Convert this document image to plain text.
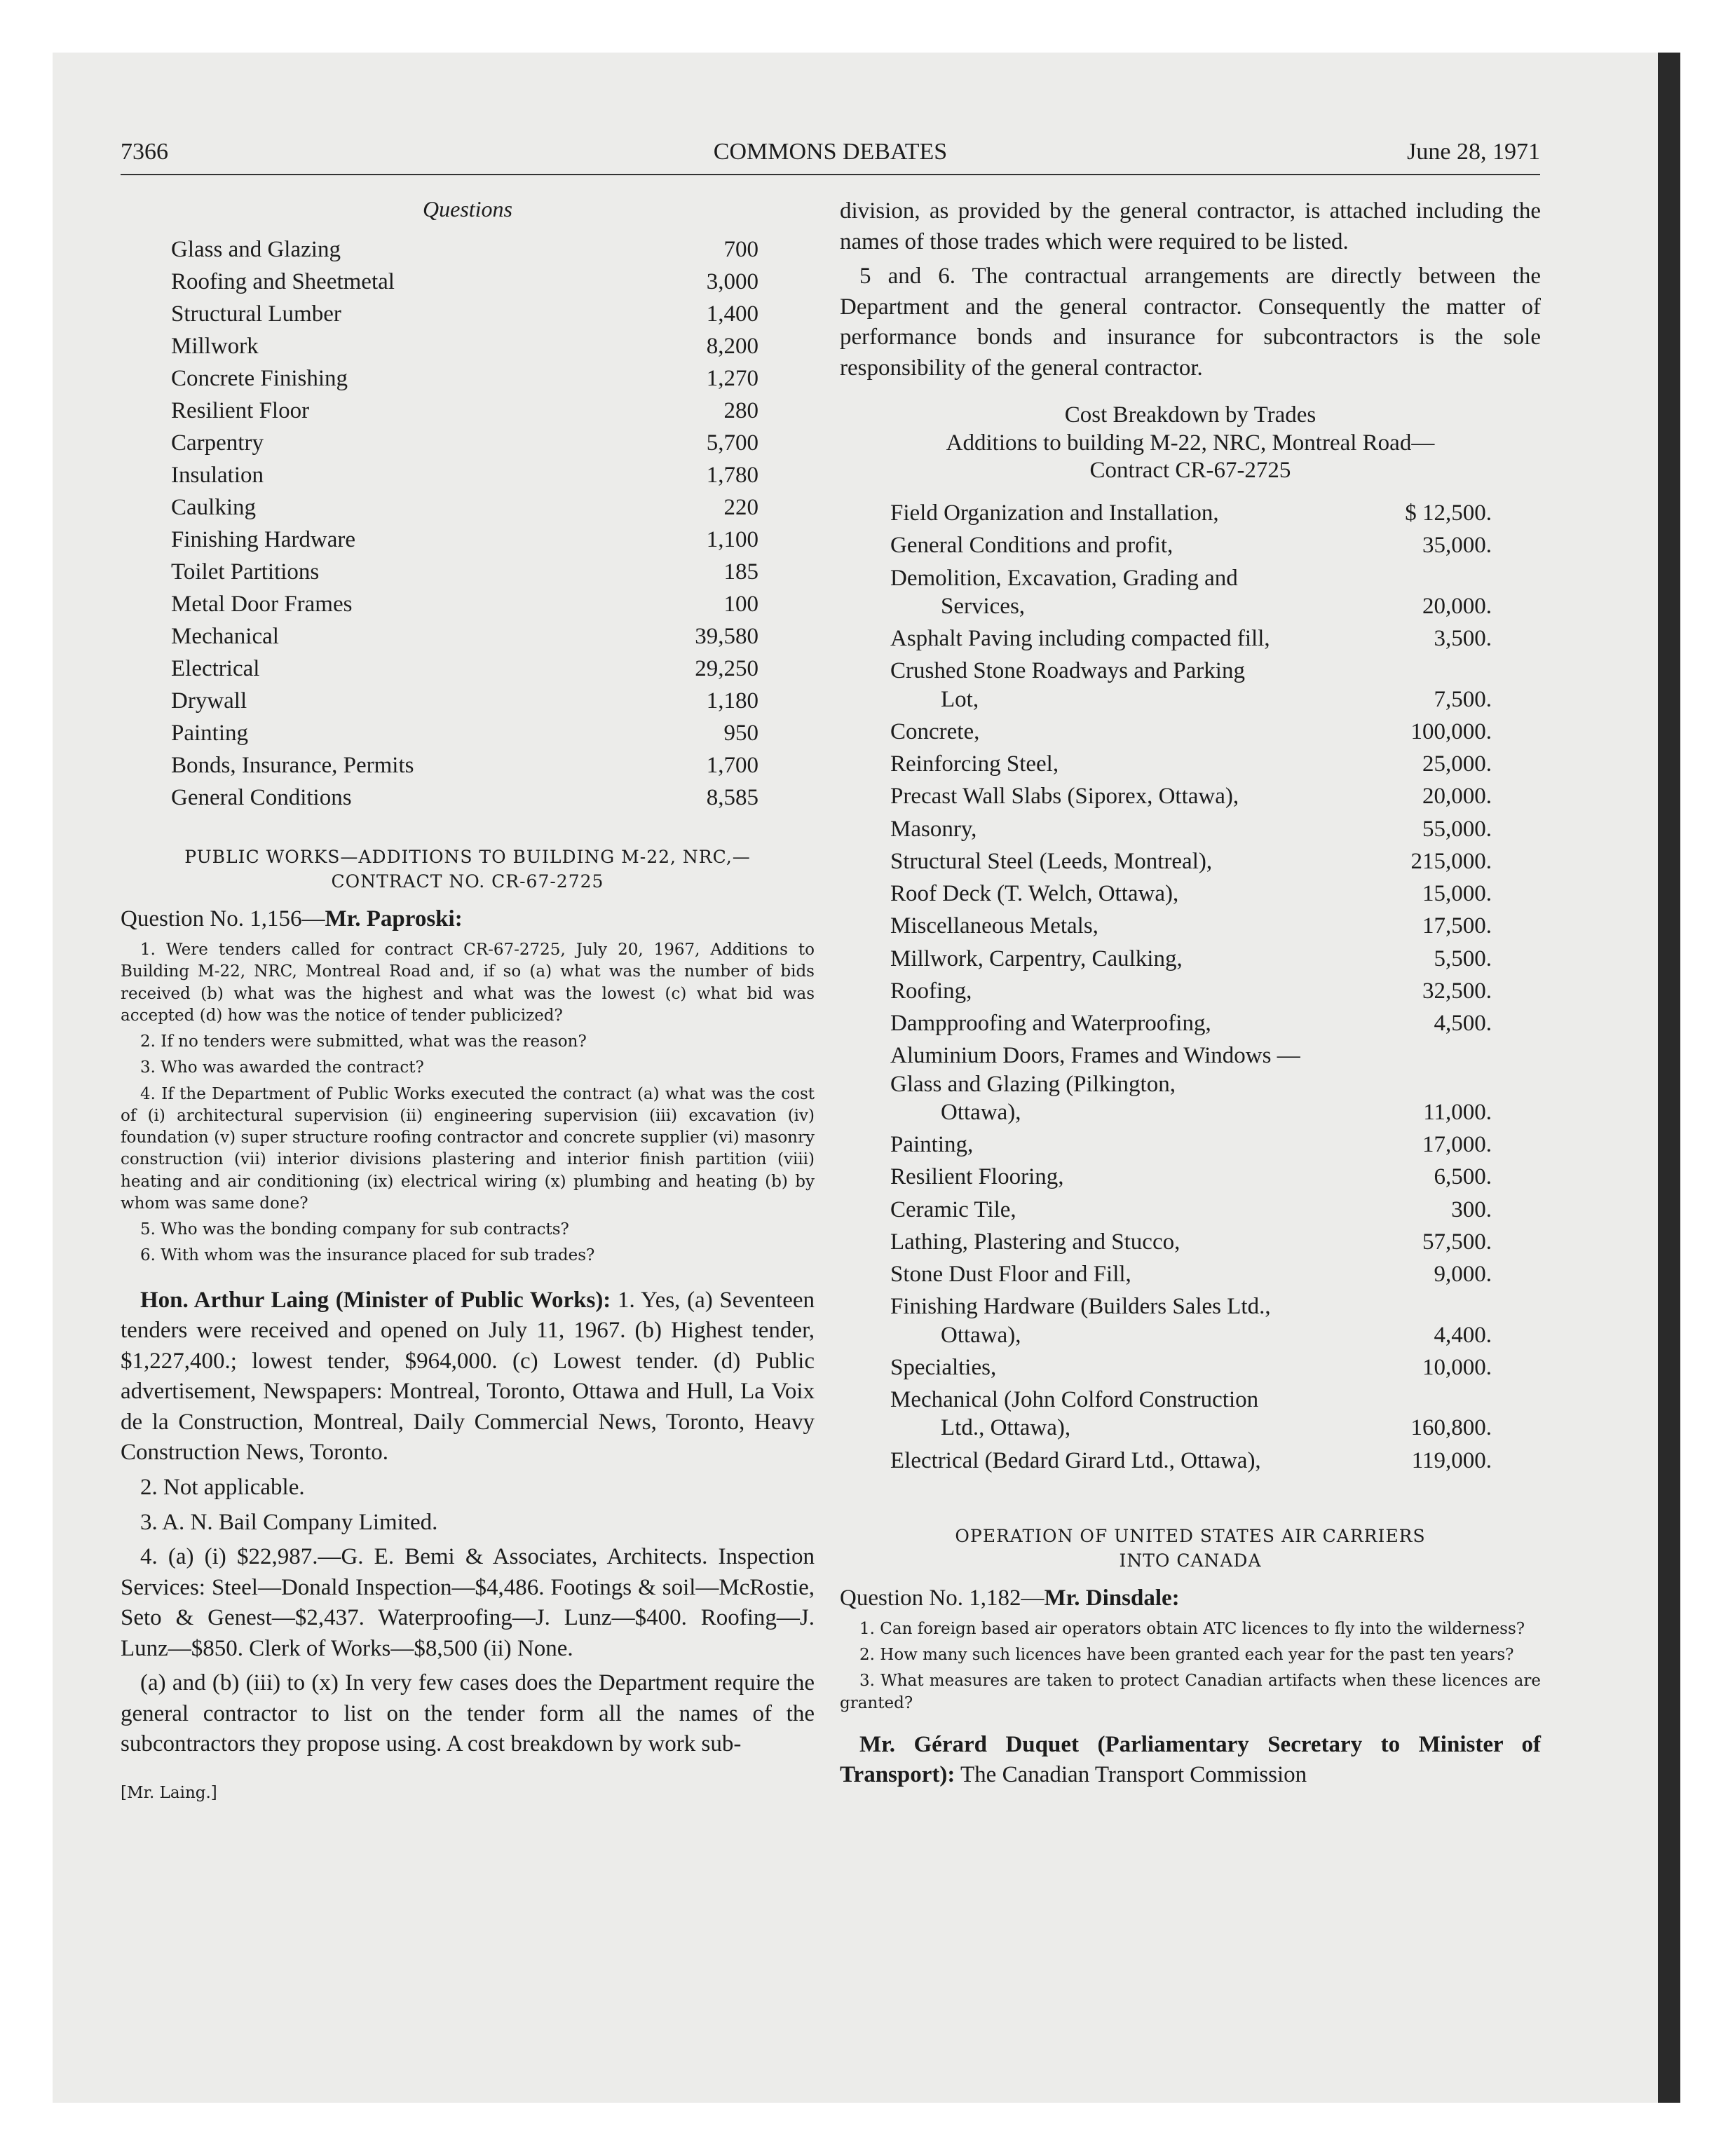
7366	COMMONS DEBATES	June 28, 1971
Questions
Glass and Glazing	700
Roofing and Sheetmetal	3,000
Structural Lumber	1,400
Millwork	8,200
Concrete Finishing	1,270
Resilient Floor	280
Carpentry	5,700
Insulation	1,780
Caulking	220
Finishing Hardware	1,100
Toilet Partitions	185
Metal Door Frames	100
Mechanical	39,580
Electrical	29,250
Drywall	1,180
Painting	950
Bonds, Insurance, Permits	1,700
General Conditions	8,585
PUBLIC WORKS—ADDITIONS TO BUILDING M-22, NRC,—
CONTRACT NO. CR-67-2725

Question No. 1,156—Mr. Paproski:

1. Were tenders called for contract CR-67-2725, July 20, 1967, Additions to Building M-22, NRC, Montreal Road and, if so (a) what was the number of bids received (b) what was the highest and what was the lowest (c) what bid was accepted (d) how was the notice of tender publicized?

2. If no tenders were submitted, what was the reason?

3. Who was awarded the contract?

4. If the Department of Public Works executed the contract (a) what was the cost of (i) architectural supervision (ii) engineering supervision (iii) excavation (iv) foundation (v) super structure roofing contractor and concrete supplier (vi) masonry construction (vii) interior divisions plastering and interior finish partition (viii) heating and air conditioning (ix) electrical wiring (x) plumbing and heating (b) by whom was same done?

5. Who was the bonding company for sub contracts?

6. With whom was the insurance placed for sub trades?

Hon. Arthur Laing (Minister of Public Works): 1. Yes, (a) Seventeen tenders were received and opened on July 11, 1967. (b) Highest tender, $1,227,400.; lowest tender, $964,000. (c) Lowest tender. (d) Public advertisement, Newspapers: Montreal, Toronto, Ottawa and Hull, La Voix de la Construction, Montreal, Daily Commercial News, Toronto, Heavy Construction News, Toronto.

2. Not applicable.

3. A. N. Bail Company Limited.

4. (a) (i) $22,987.—G. E. Bemi & Associates, Architects. Inspection Services: Steel—Donald Inspection—$4,486. Footings & soil—McRostie, Seto & Genest—$2,437. Waterproofing—J. Lunz—$400. Roofing—J. Lunz—$850. Clerk of Works—$8,500 (ii) None.

(a) and (b) (iii) to (x) In very few cases does the Department require the general contractor to list on the tender form all the names of the subcontractors they propose using. A cost breakdown by work sub-

[Mr. Laing.]

division, as provided by the general contractor, is attached including the names of those trades which were required to be listed.

5 and 6. The contractual arrangements are directly between the Department and the general contractor. Consequently the matter of performance bonds and insurance for subcontractors is the sole responsibility of the general contractor.

Cost Breakdown by Trades
Additions to building M-22, NRC, Montreal Road—
Contract CR-67-2725
Field Organization and Installation,	$ 12,500.
General Conditions and profit,	35,000.
Demolition, Excavation, Grading and
Services,	20,000.
Asphalt Paving including compacted fill,	3,500.
Crushed Stone Roadways and Parking
Lot,	7,500.
Concrete,	100,000.
Reinforcing Steel,	25,000.
Precast Wall Slabs (Siporex, Ottawa),	20,000.
Masonry,	55,000.
Structural Steel (Leeds, Montreal),	215,000.
Roof Deck (T. Welch, Ottawa),	15,000.
Miscellaneous Metals,	17,500.
Millwork, Carpentry, Caulking,	5,500.
Roofing,	32,500.
Dampproofing and Waterproofing,	4,500.
Aluminium Doors, Frames and Windows —Glass and Glazing (Pilkington,
Ottawa),	11,000.
Painting,	17,000.
Resilient Flooring,	6,500.
Ceramic Tile,	300.
Lathing, Plastering and Stucco,	57,500.
Stone Dust Floor and Fill,	9,000.
Finishing Hardware (Builders Sales Ltd.,
Ottawa),	4,400.
Specialties,	10,000.
Mechanical (John Colford Construction
Ltd., Ottawa),	160,800.
Electrical (Bedard Girard Ltd., Ottawa),	119,000.
OPERATION OF UNITED STATES AIR CARRIERS
INTO CANADA

Question No. 1,182—Mr. Dinsdale:

1. Can foreign based air operators obtain ATC licences to fly into the wilderness?

2. How many such licences have been granted each year for the past ten years?

3. What measures are taken to protect Canadian artifacts when these licences are granted?

Mr. Gérard Duquet (Parliamentary Secretary to Minister of Transport): The Canadian Transport Commission
